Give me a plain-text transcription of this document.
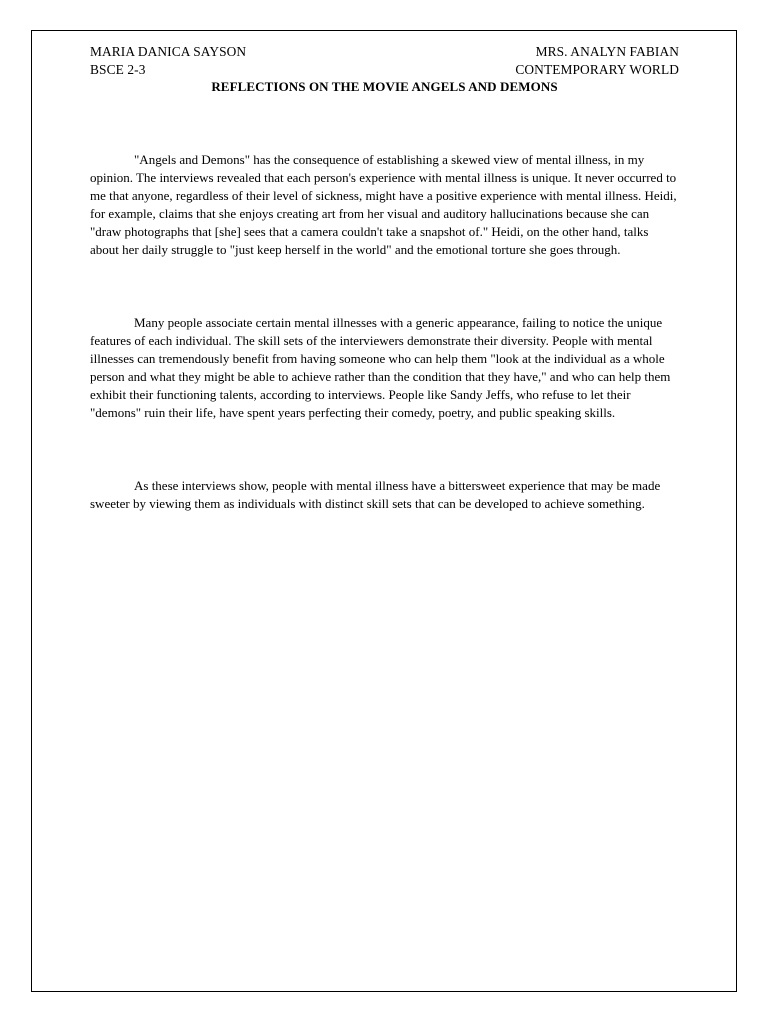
MARIA DANICA SAYSON	MRS. ANALYN FABIAN
BSCE 2-3	CONTEMPORARY WORLD
REFLECTIONS ON THE MOVIE ANGELS AND DEMONS

"Angels and Demons" has the consequence of establishing a skewed view of mental illness, in my opinion. The interviews revealed that each person's experience with mental illness is unique. It never occurred to me that anyone, regardless of their level of sickness, might have a positive experience with mental illness. Heidi, for example, claims that she enjoys creating art from her visual and auditory hallucinations because she can "draw photographs that [she] sees that a camera couldn't take a snapshot of." Heidi, on the other hand, talks about her daily struggle to "just keep herself in the world" and the emotional torture she goes through.

Many people associate certain mental illnesses with a generic appearance, failing to notice the unique features of each individual. The skill sets of the interviewers demonstrate their diversity. People with mental illnesses can tremendously benefit from having someone who can help them "look at the individual as a whole person and what they might be able to achieve rather than the condition that they have," and who can help them exhibit their functioning talents, according to interviews. People like Sandy Jeffs, who refuse to let their "demons" ruin their life, have spent years perfecting their comedy, poetry, and public speaking skills.

As these interviews show, people with mental illness have a bittersweet experience that may be made sweeter by viewing them as individuals with distinct skill sets that can be developed to achieve something.
